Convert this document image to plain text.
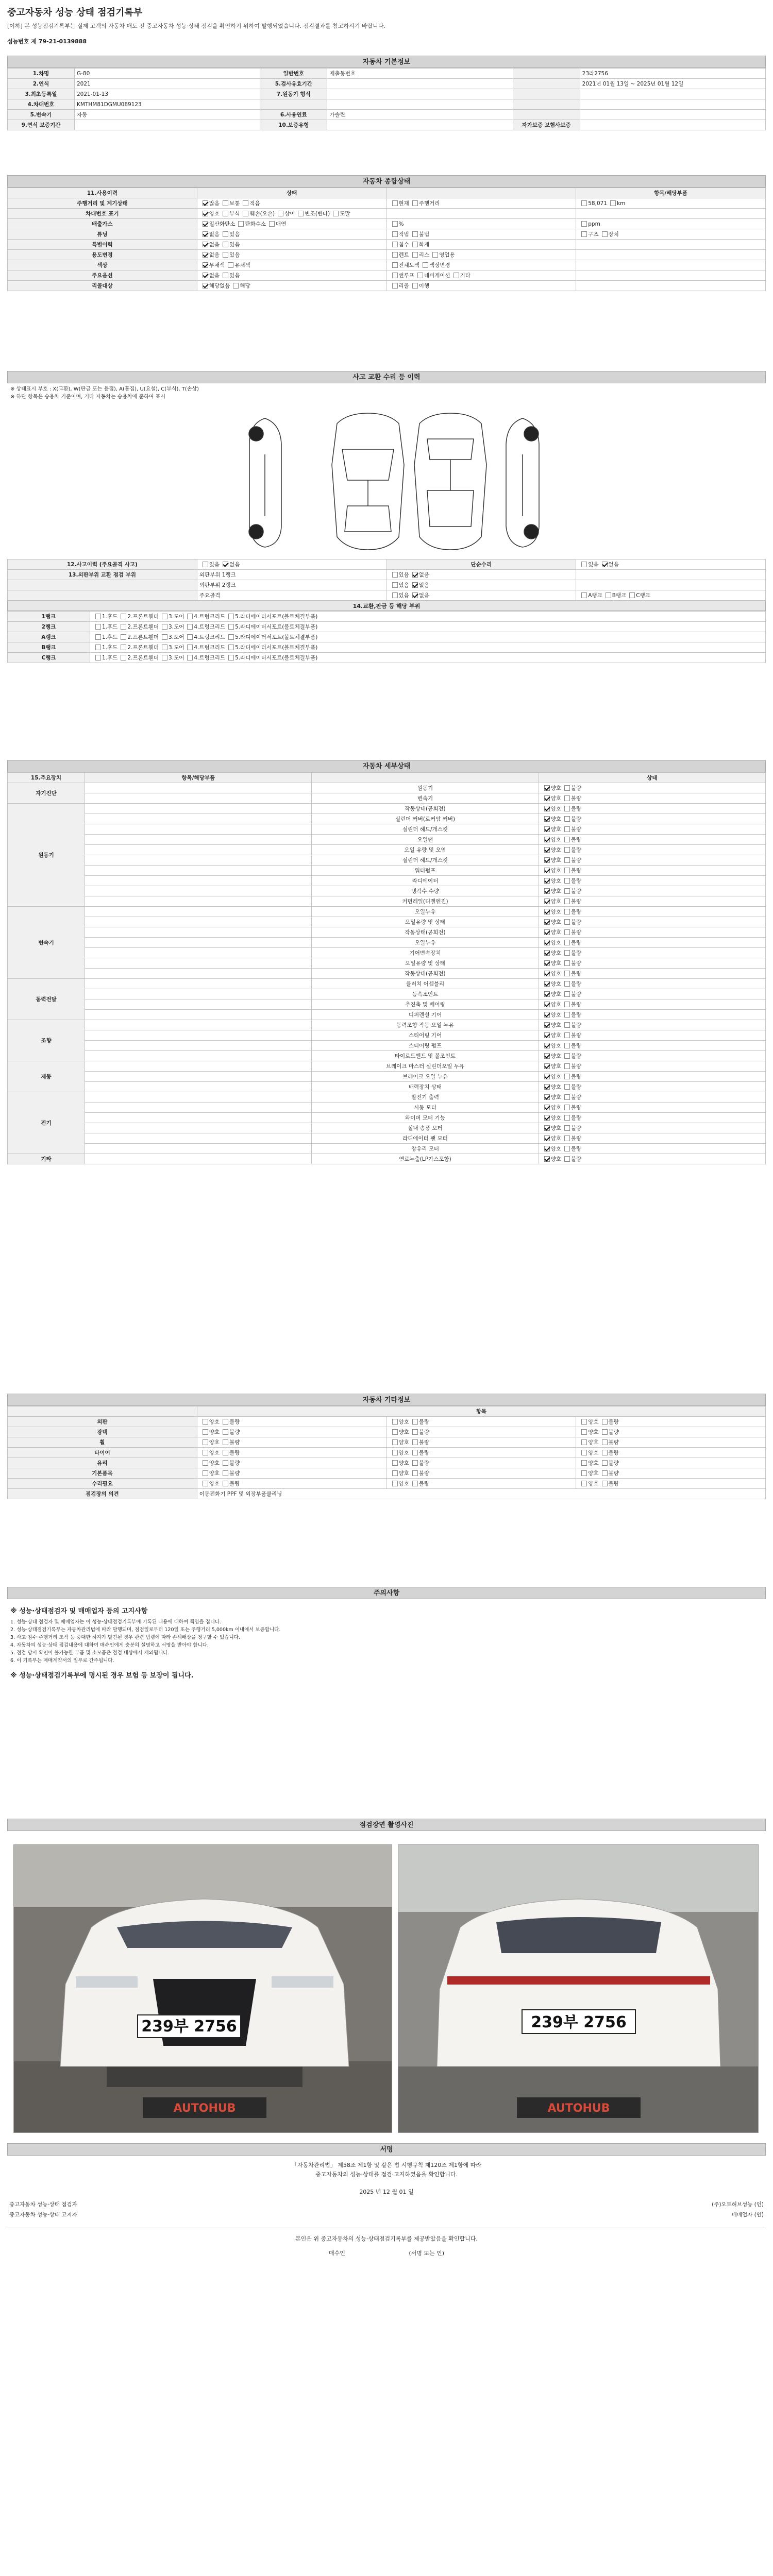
중고자동차 성능 상태 점검기록부
[이하] 본 성능점검기록부는 실제 고객의 자동차 매도 전 중고자동차 성능·상태 점검을 확인하기 위하여 발행되었습니다. 점검결과를 참고하시기 바랍니다.
성능번호 제 79-21-0139888
자동차 기본정보
1.차명	G-80	일반번호	제출동번호		23라2756
2.연식	2021	5.검사유효기간			2021년 01월 13일 ~ 2025년 01월 12일
3.최초등록일	2021-01-13	7.원동기 형식			
4.차대번호	KMTHM81DGMU089123				
5.변속기	자동	6.사용연료	가솔린		
9.연식 보증기간		10.보증유형		자가보증 보험사보증	
자동차 종합상태
11.사용이력	상태		항목/해당부품
주행거리 및 계기상태	많음 보통 적음	현재 주행거리	58,071 km
차대번호 표기	양호 부식 훼손(오손) 상이 변조(변타) 도말		
배출가스	일산화탄소 탄화수소 매연	%	ppm
튜닝	없음 있음	적법 불법	구조 장치
특별이력	없음 있음	침수 화재	
용도변경	없음 있음	렌트 리스 영업용	
색상	무채색 유채색	전체도색 색상변경	
주요옵션	없음 있음	썬루프 네비게이션 기타	
리콜대상	해당없음 해당	리콜 이행	
사고 교환 수리 등 이력
※ 상태표시 부호 : X(교환), W(판금 또는 용접), A(흠집), U(요철), C(부식), T(손상)
※ 하단 항목은 승용차 기준이며, 기타 자동차는 승용차에 준하여 표시
12.사고이력 (주요골격 사고)	있음 없음	단순수리	있음 없음
13.외판부위 교환 점검 부위	외판부위 1랭크	있음 없음	
	외판부위 2랭크	있음 없음	
	주요골격	있음 없음	A랭크 B랭크 C랭크
14.교환,판금 등 해당 부위
1랭크	1.후드 2.프론트휀더 3.도어 4.트렁크리드 5.라디에이터서포트(볼트체결부품)
2랭크	1.후드 2.프론트휀더 3.도어 4.트렁크리드 5.라디에이터서포트(볼트체결부품)
A랭크	1.후드 2.프론트휀더 3.도어 4.트렁크리드 5.라디에이터서포트(볼트체결부품)
B랭크	1.후드 2.프론트휀더 3.도어 4.트렁크리드 5.라디에이터서포트(볼트체결부품)
C랭크	1.후드 2.프론트휀더 3.도어 4.트렁크리드 5.라디에이터서포트(볼트체결부품)
자동차 세부상태
15.주요장치	항목/해당부품		상태
자기진단		원동기	양호 불량
		변속기	양호 불량
원동기		작동상태(공회전)	양호 불량
		실린더 커버(로커암 커버)	양호 불량
		실린더 헤드/개스킷	양호 불량
		오일팬	양호 불량
		오일 유량 및 오염	양호 불량
		실린더 헤드/개스킷	양호 불량
		워터펌프	양호 불량
		라디에이터	양호 불량
		냉각수 수량	양호 불량
		커먼레일(디젤엔진)	양호 불량
변속기		오일누유	양호 불량
		오일유량 및 상태	양호 불량
		작동상태(공회전)	양호 불량
		오일누유	양호 불량
		기어변속장치	양호 불량
		오일유량 및 상태	양호 불량
		작동상태(공회전)	양호 불량
동력전달		클러치 어셈블리	양호 불량
		등속조인트	양호 불량
		추진축 및 베어링	양호 불량
		디퍼렌셜 기어	양호 불량
조향		동력조향 작동 오일 누유	양호 불량
		스티어링 기어	양호 불량
		스티어링 펌프	양호 불량
		타이로드엔드 및 볼조인트	양호 불량
제동		브레이크 마스터 실린더오일 누유	양호 불량
		브레이크 오일 누유	양호 불량
		배력장치 상태	양호 불량
전기		발전기 출력	양호 불량
		시동 모터	양호 불량
		와이퍼 모터 기능	양호 불량
		실내 송풍 모터	양호 불량
		라디에이터 팬 모터	양호 불량
		창유리 모터	양호 불량
기타		연료누출(LP가스포함)	양호 불량
자동차 기타정보
	항목		
외판	양호 불량	양호 불량	양호 불량
광택	양호 불량	양호 불량	양호 불량
휠	양호 불량	양호 불량	양호 불량
타이어	양호 불량	양호 불량	양호 불량
유리	양호 불량	양호 불량	양호 불량
기본품목	양호 불량	양호 불량	양호 불량
수리필요	양호 불량	양호 불량	양호 불량
점검장의 의견	이동전화기 PPF 및 외장부품클리닝		
주의사항
※ 성능·상태점검자 및 매매업자 등의 고지사항
1. 성능·상태 점검자 및 매매업자는 이 성능·상태점검기록부에 기록된 내용에 대하여 책임을 집니다.
2. 성능·상태점검기록부는 자동차관리법에 따라 발행되며, 점검일로부터 120일 또는 주행거리 5,000km 이내에서 보증합니다.
3. 사고·침수·주행거리 조작 등 중대한 하자가 발견된 경우 관련 법령에 따라 손해배상을 청구할 수 있습니다.
4. 자동차의 성능·상태 점검내용에 대하여 매수인에게 충분히 설명하고 서명을 받아야 합니다.
5. 점검 당시 확인이 불가능한 부품 및 소모품은 점검 대상에서 제외됩니다.
6. 이 기록부는 매매계약서의 일부로 간주됩니다.
※ 성능·상태점검기록부에 명시된 경우 보험 등 보장이 됩니다.
점검장면 촬영사진
239부 2756
AUTOHUB
239부 2756
AUTOHUB
서명
「자동차관리법」 제58조 제1항 및 같은 법 시행규칙 제120조 제1항에 따라
중고자동차의 성능·상태를 점검·고지하였음을 확인합니다.
2025 년 12 월 01 일
중고자동차 성능·상태 점검자	(주)오토허브성능 (인)
중고자동차 성능·상태 고지자	매매업자 (인)
본인은 위 중고자동차의 성능·상태점검기록부를 제공받았음을 확인합니다.
매수인	(서명 또는 인)
